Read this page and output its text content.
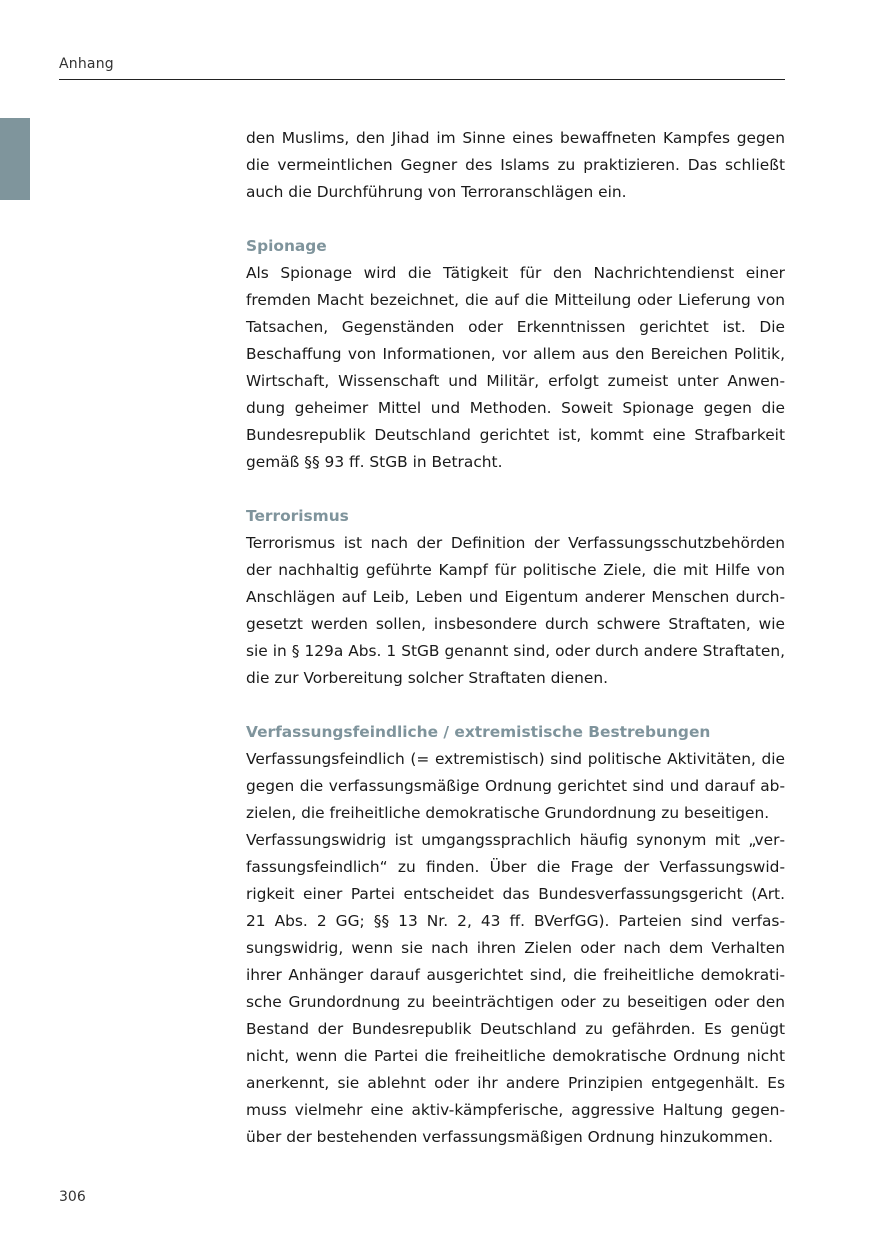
Anhang

den Muslims, den Jihad im Sinne eines bewaffneten Kampfes gegen die vermeintlichen Gegner des Islams zu praktizieren. Das schließt auch die Durchführung von Terroranschlägen ein.

Spionage

Als Spionage wird die Tätigkeit für den Nachrichtendienst einer fremden Macht bezeichnet, die auf die Mitteilung oder Lieferung von Tatsachen, Gegenständen oder Erkenntnissen gerichtet ist. Die Beschaffung von Informationen, vor allem aus den Bereichen Politik, Wirtschaft, Wissenschaft und Militär, erfolgt zumeist unter Anwendung geheimer Mittel und Methoden. Soweit Spionage gegen die Bundesrepublik Deutschland gerichtet ist, kommt eine Strafbarkeit gemäß §§ 93 ff. StGB in Betracht.

Terrorismus

Terrorismus ist nach der Definition der Verfassungsschutzbehörden der nachhaltig geführte Kampf für politische Ziele, die mit Hilfe von Anschlägen auf Leib, Leben und Eigentum anderer Menschen durchgesetzt werden sollen, insbesondere durch schwere Straftaten, wie sie in § 129a Abs. 1 StGB genannt sind, oder durch andere Straftaten, die zur Vorbereitung solcher Straftaten dienen.

Verfassungsfeindliche / extremistische Bestrebungen

Verfassungsfeindlich (= extremistisch) sind politische Aktivitäten, die gegen die verfassungsmäßige Ordnung gerichtet sind und darauf abzielen, die freiheitliche demokratische Grundordnung zu beseitigen.

Verfassungswidrig ist umgangssprachlich häufig synonym mit „verfassungsfeindlich“ zu finden. Über die Frage der Verfassungswidrigkeit einer Partei entscheidet das Bundesverfassungsgericht (Art. 21 Abs. 2 GG; §§ 13 Nr. 2, 43 ff. BVerfGG). Parteien sind verfassungswidrig, wenn sie nach ihren Zielen oder nach dem Verhalten ihrer Anhänger darauf ausgerichtet sind, die freiheitliche demokratische Grundordnung zu beeinträchtigen oder zu beseitigen oder den Bestand der Bundesrepublik Deutschland zu gefährden. Es genügt nicht, wenn die Partei die freiheitliche demokratische Ordnung nicht anerkennt, sie ablehnt oder ihr andere Prinzipien entgegenhält. Es muss vielmehr eine aktiv-kämpferische, aggressive Haltung gegenüber der bestehenden verfassungsmäßigen Ordnung hinzukommen.

306
